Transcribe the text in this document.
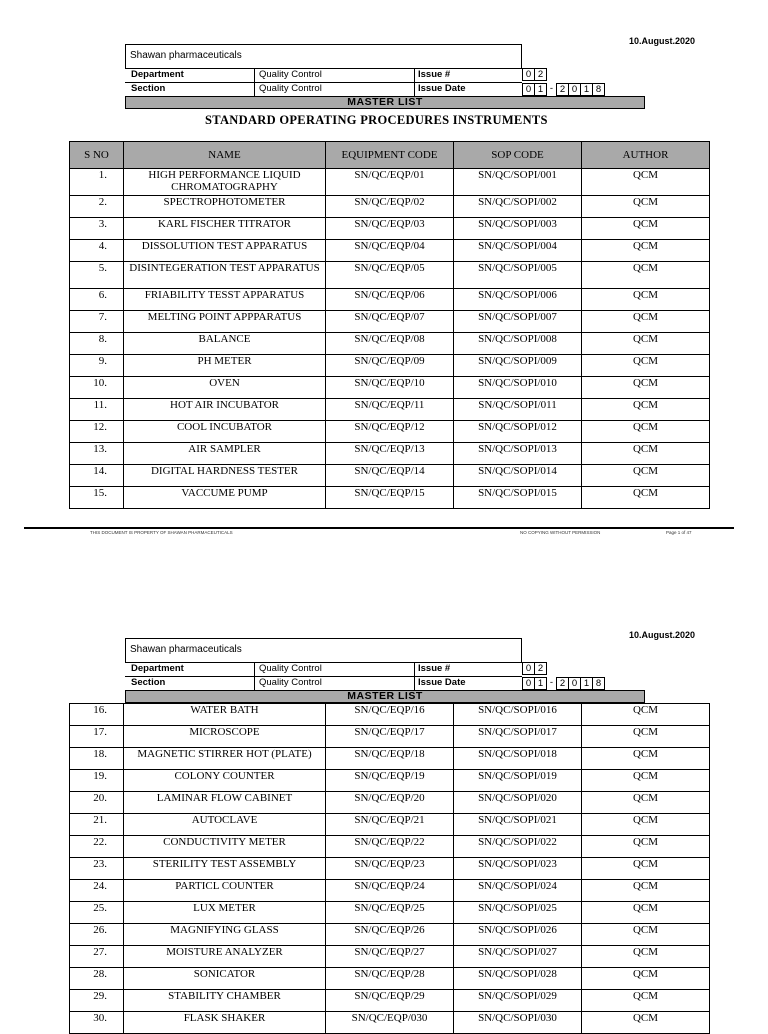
10.August.2020
Shawan pharmaceuticals
Department	Quality Control	Issue #	0 2
Section	Quality Control	Issue Date	0 1 - 2 0 1 8
MASTER LIST
STANDARD OPERATING PROCEDURES INSTRUMENTS
S NO	NAME	EQUIPMENT CODE	SOP CODE	AUTHOR
1.	HIGH PERFORMANCE LIQUID CHROMATOGRAPHY	SN/QC/EQP/01	SN/QC/SOPI/001	QCM
2.	SPECTROPHOTOMETER	SN/QC/EQP/02	SN/QC/SOPI/002	QCM
3.	KARL FISCHER TITRATOR	SN/QC/EQP/03	SN/QC/SOPI/003	QCM
4.	DISSOLUTION TEST APPARATUS	SN/QC/EQP/04	SN/QC/SOPI/004	QCM
5.	DISINTEGERATION TEST APPARATUS	SN/QC/EQP/05	SN/QC/SOPI/005	QCM
6.	FRIABILITY TESST APPARATUS	SN/QC/EQP/06	SN/QC/SOPI/006	QCM
7.	MELTING POINT APPPARATUS	SN/QC/EQP/07	SN/QC/SOPI/007	QCM
8.	BALANCE	SN/QC/EQP/08	SN/QC/SOPI/008	QCM
9.	PH METER	SN/QC/EQP/09	SN/QC/SOPI/009	QCM
10.	OVEN	SN/QC/EQP/10	SN/QC/SOPI/010	QCM
11.	HOT AIR INCUBATOR	SN/QC/EQP/11	SN/QC/SOPI/011	QCM
12.	COOL INCUBATOR	SN/QC/EQP/12	SN/QC/SOPI/012	QCM
13.	AIR SAMPLER	SN/QC/EQP/13	SN/QC/SOPI/013	QCM
14.	DIGITAL HARDNESS TESTER	SN/QC/EQP/14	SN/QC/SOPI/014	QCM
15.	VACCUME PUMP	SN/QC/EQP/15	SN/QC/SOPI/015	QCM
THIS DOCUMENT IS PROPERTY OF SHAWAN PHARMACEUTICALS	NO COPYING WITHOUT PERMISSION	Page 1 of 47
10.August.2020
Shawan pharmaceuticals
Department	Quality Control	Issue #	0 2
Section	Quality Control	Issue Date	0 1 - 2 0 1 8
MASTER LIST
16.	WATER BATH	SN/QC/EQP/16	SN/QC/SOPI/016	QCM
17.	MICROSCOPE	SN/QC/EQP/17	SN/QC/SOPI/017	QCM
18.	MAGNETIC STIRRER HOT (PLATE)	SN/QC/EQP/18	SN/QC/SOPI/018	QCM
19.	COLONY COUNTER	SN/QC/EQP/19	SN/QC/SOPI/019	QCM
20.	LAMINAR FLOW CABINET	SN/QC/EQP/20	SN/QC/SOPI/020	QCM
21.	AUTOCLAVE	SN/QC/EQP/21	SN/QC/SOPI/021	QCM
22.	CONDUCTIVITY METER	SN/QC/EQP/22	SN/QC/SOPI/022	QCM
23.	STERILITY TEST ASSEMBLY	SN/QC/EQP/23	SN/QC/SOPI/023	QCM
24.	PARTICL COUNTER	SN/QC/EQP/24	SN/QC/SOPI/024	QCM
25.	LUX METER	SN/QC/EQP/25	SN/QC/SOPI/025	QCM
26.	MAGNIFYING GLASS	SN/QC/EQP/26	SN/QC/SOPI/026	QCM
27.	MOISTURE ANALYZER	SN/QC/EQP/27	SN/QC/SOPI/027	QCM
28.	SONICATOR	SN/QC/EQP/28	SN/QC/SOPI/028	QCM
29.	STABILITY CHAMBER	SN/QC/EQP/29	SN/QC/SOPI/029	QCM
30.	FLASK SHAKER	SN/QC/EQP/030	SN/QC/SOPI/030	QCM
